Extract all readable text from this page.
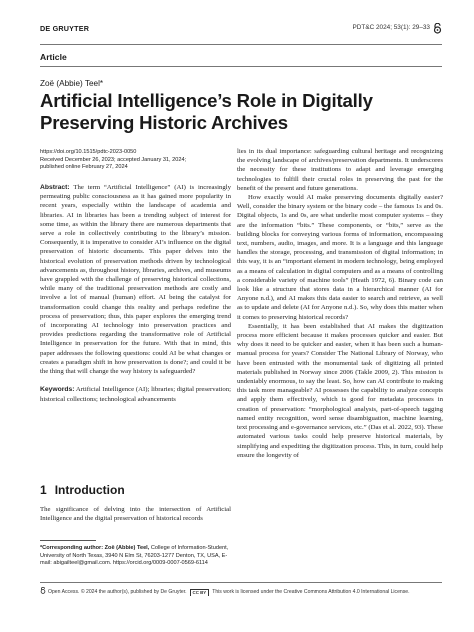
DE GRUYTER	PDT&C 2024; 53(1): 29–33
Article
Zoë (Abbie) Teel*
Artificial Intelligence’s Role in Digitally Preserving Historic Archives
https://doi.org/10.1515/pdtc-2023-0050
Received December 26, 2023; accepted January 31, 2024;
published online February 27, 2024

Abstract: The term “Artificial Intelligence” (AI) is increasingly permeating public consciousness as it has gained more popularity in recent years, especially within the landscape of academia and libraries. AI in libraries has been a trending subject of interest for some time, as within the library there are numerous departments that serve a role in collectively contributing to the library’s mission. Consequently, it is imperative to consider AI’s influence on the digital preservation of historic documents. This paper delves into the historical evolution of preservation methods driven by technological advancements as, throughout history, libraries, archives, and museums have grappled with the challenge of preserving historical collections, while many of the traditional preservation methods are costly and involve a lot of manual (human) effort. AI being the catalyst for transformation could change this reality and perhaps redefine the process of preservation; thus, this paper explores the emerging trend of incorporating AI technology into preservation practices and provides predictions regarding the transformative role of Artificial Intelligence in preservation for the future. With that in mind, this paper addresses the following questions: could AI be what changes or creates a paradigm shift in how preservation is done?; and could it be the thing that will change the way history is safeguarded?

Keywords: Artificial Intelligence (AI); libraries; digital preservation; historical collections; technological advancements

1 Introduction

The significance of delving into the intersection of Artificial Intelligence and the digital preservation of historical records

*Corresponding author: Zoë (Abbie) Teel, College of Information-Student, University of North Texas, 3940 N Elm St, 76203-1277 Denton, TX, USA, E-mail: abigailteel@gmail.com. https://orcid.org/0009-0007-0569-6114

lies in its dual importance: safeguarding cultural heritage and recognizing the evolving landscape of archives/preservation departments. It underscores the necessity for these institutions to adapt and leverage emerging technologies to fulfill their crucial roles in preserving the past for the benefit of the present and future generations.

How exactly would AI make preserving documents digitally easier? Well, consider the binary system or the binary code – the famous 1s and 0s. Digital objects, 1s and 0s, are what underlie most computer systems – they are the information “bits.” These components, or “bits,” serve as the building blocks for conveying various forms of information, encompassing text, numbers, audio, images, and more. It is a language and this language handles the storage, processing, and transmission of digital information; in this way, it is an “important element in modern technology, being employed as a means of calculation in digital computers and as a means of controlling a considerable variety of machine tools” (Heath 1972, 6). Binary code can look like a structure that stores data in a hierarchical manner (AI for Anyone n.d.), and AI makes this data easier to search and retrieve, as well as to update and delete (AI for Anyone n.d.). So, why does this matter when it comes to preserving historical records?

Essentially, it has been established that AI makes the digitization process more efficient because it makes processes quicker and easier. But why does it need to be quicker and easier, when it has been such a human-manual process for years? Consider The National Library of Norway, who have been entrusted with the monumental task of digitizing all printed materials published in Norway since 2006 (Takle 2009, 2). This mission is undeniably enormous, to say the least. So, how can AI contribute to making this task more manageable? AI possesses the capability to analyze concepts and apply them effectively, which is good for metadata processes in creation of preservation: “morphological analysis, part-of-speech tagging named entity recognition, word sense disambiguation, machine learning, text processing and e-governance services, etc.” (Das et al. 2022, 93). These automated various tasks could help preserve historical materials, by simplifying and expediting the digitization process. This, in turn, could help ensure the longevity of

Open Access. © 2024 the author(s), published by De Gruyter. CC BY This work is licensed under the Creative Commons Attribution 4.0 International License.
